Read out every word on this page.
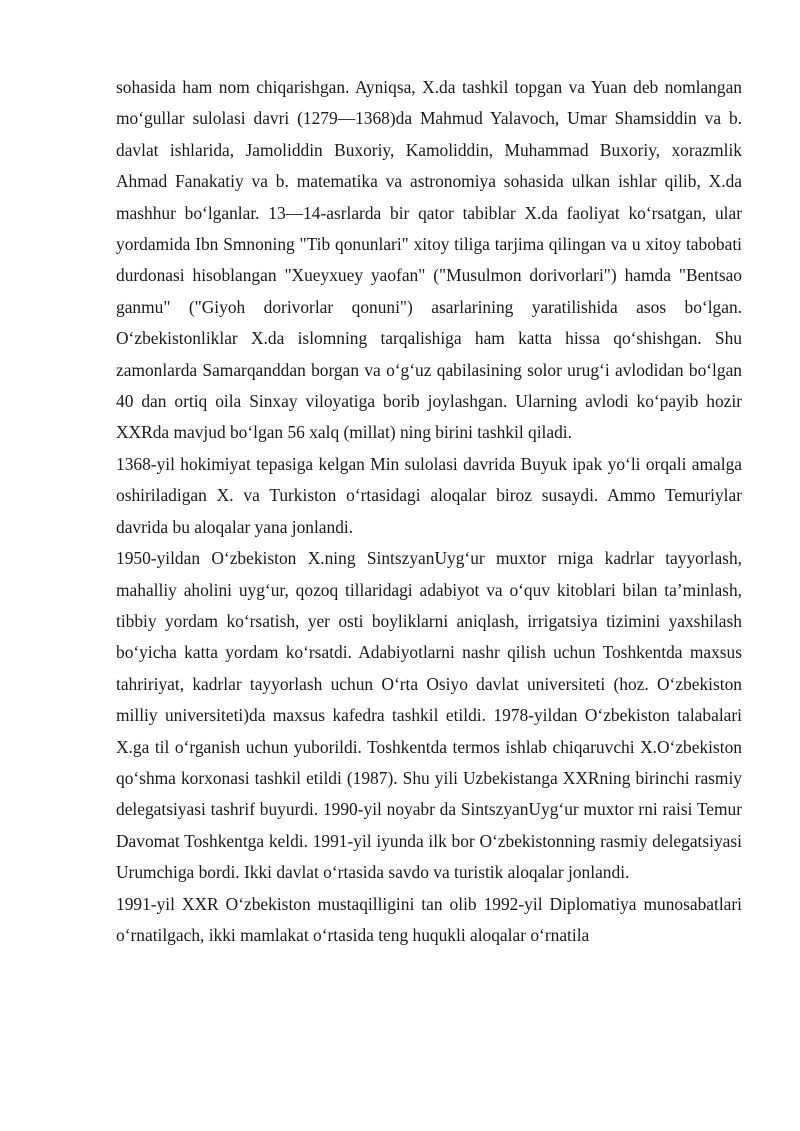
sohasida ham nom chiqarishgan. Ayniqsa, X.da tashkil topgan va Yuan deb nomlangan mo‘gullar sulolasi davri (1279—1368)da Mahmud Yalavoch, Umar Shamsiddin va b. davlat ishlarida, Jamoliddin Buxoriy, Kamoliddin, Muhammad Buxoriy, xorazmlik Ahmad Fanakatiy va b. matematika va astronomiya sohasida ulkan ishlar qilib, X.da mashhur bo‘lganlar. 13—14-asrlarda bir qator tabiblar X.da faoliyat ko‘rsatgan, ular yordamida Ibn Smnoning "Tib qonunlari" xitoy tiliga tarjima qilingan va u xitoy tabobati durdonasi hisoblangan "Xueyxuey yaofan" ("Musulmon dorivorlari") hamda "Bentsao ganmu" ("Giyoh dorivorlar qonuni") asarlarining yaratilishida asos bo‘lgan. O‘zbekistonliklar X.da islomning tarqalishiga ham katta hissa qo‘shishgan. Shu zamonlarda Samarqanddan borgan va o‘g‘uz qabilasining solor urug‘i avlodidan bo‘lgan 40 dan ortiq oila Sinxay viloyatiga borib joylashgan. Ularning avlodi ko‘payib hozir XXRda mavjud bo‘lgan 56 xalq (millat) ning birini tashkil qiladi.

1368-yil hokimiyat tepasiga kelgan Min sulolasi davrida Buyuk ipak yo‘li orqali amalga oshiriladigan X. va Turkiston o‘rtasidagi aloqalar biroz susaydi. Ammo Temuriylar davrida bu aloqalar yana jonlandi.

1950-yildan O‘zbekiston X.ning SintszyanUyg‘ur muxtor rniga kadrlar tayyorlash, mahalliy aholini uyg‘ur, qozoq tillaridagi adabiyot va o‘quv kitoblari bilan ta’minlash, tibbiy yordam ko‘rsatish, yer osti boyliklarni aniqlash, irrigatsiya tizimini yaxshilash bo‘yicha katta yordam ko‘rsatdi. Adabiyotlarni nashr qilish uchun Toshkentda maxsus tahririyat, kadrlar tayyorlash uchun O‘rta Osiyo davlat universiteti (hoz. O‘zbekiston milliy universiteti)da maxsus kafedra tashkil etildi. 1978-yildan O‘zbekiston talabalari X.ga til o‘rganish uchun yuborildi. Toshkentda termos ishlab chiqaruvchi X.O‘zbekiston qo‘shma korxonasi tashkil etildi (1987). Shu yili Uzbekistanga XXRning birinchi rasmiy delegatsiyasi tashrif buyurdi. 1990-yil noyabr da SintszyanUyg‘ur muxtor rni raisi Temur Davomat Toshkentga keldi. 1991-yil iyunda ilk bor O‘zbekistonning rasmiy delegatsiyasi Urumchiga bordi. Ikki davlat o‘rtasida savdo va turistik aloqalar jonlandi.

1991-yil XXR O‘zbekiston mustaqilligini tan olib 1992-yil Diplomatiya munosabatlari o‘rnatilgach, ikki mamlakat o‘rtasida teng huqukli aloqalar o‘rnatila
